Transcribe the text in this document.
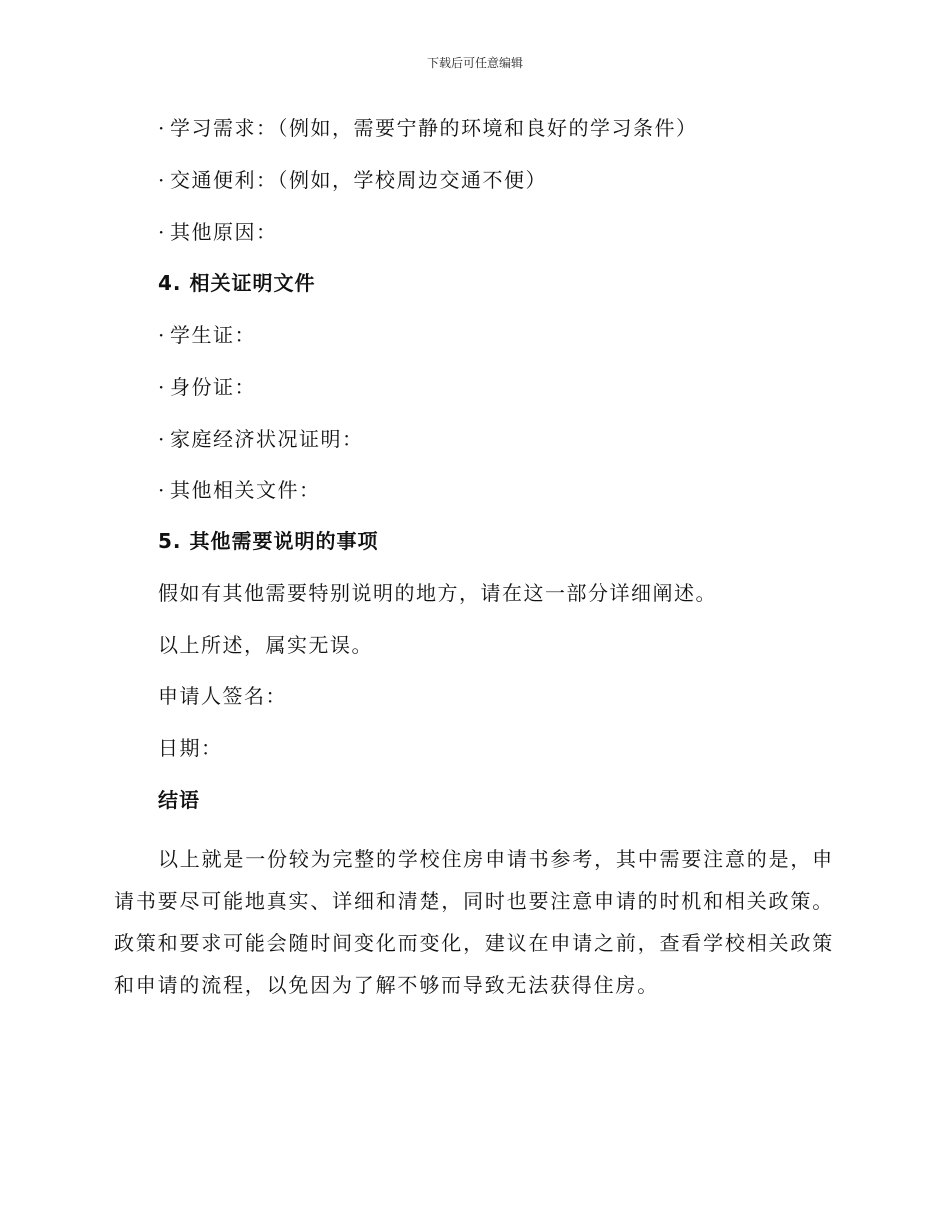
下载后可任意编辑
· 学习需求：（例如，需要宁静的环境和良好的学习条件）
· 交通便利：（例如，学校周边交通不便）
· 其他原因：
4. 相关证明文件
· 学生证：
· 身份证：
· 家庭经济状况证明：
· 其他相关文件：
5. 其他需要说明的事项
假如有其他需要特别说明的地方，请在这一部分详细阐述。
以上所述，属实无误。
申请人签名：
日期：
结语

以上就是一份较为完整的学校住房申请书参考，其中需要注意的是，申请书要尽可能地真实、详细和清楚，同时也要注意申请的时机和相关政策。政策和要求可能会随时间变化而变化，建议在申请之前，查看学校相关政策和申请的流程，以免因为了解不够而导致无法获得住房。
